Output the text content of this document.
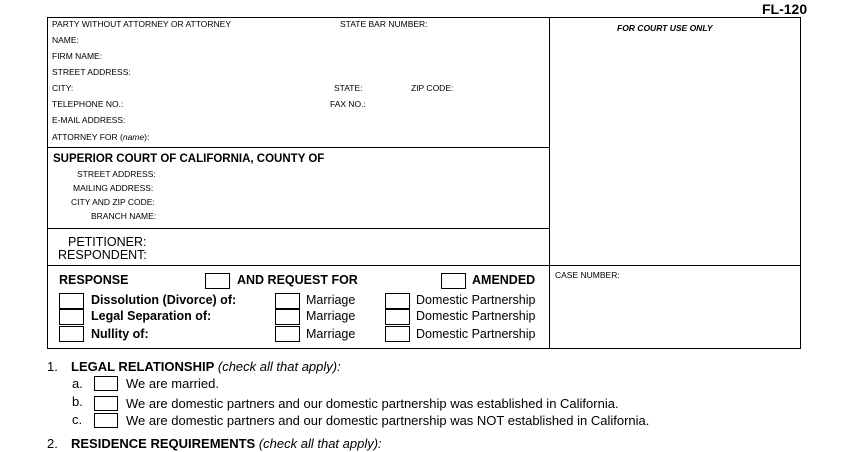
FL-120
PARTY WITHOUT ATTORNEY OR ATTORNEY	STATE BAR NUMBER:	FOR COURT USE ONLY
NAME:
FIRM NAME:
STREET ADDRESS:
CITY:	STATE:	ZIP CODE:
TELEPHONE NO.:	FAX NO.:
E-MAIL ADDRESS:
ATTORNEY FOR (name):
SUPERIOR COURT OF CALIFORNIA, COUNTY OF
STREET ADDRESS:
MAILING ADDRESS:
CITY AND ZIP CODE:
BRANCH NAME:
PETITIONER:
RESPONDENT:
RESPONSE	AND REQUEST FOR	AMENDED CASE NUMBER:
Dissolution (Divorce) of:	Marriage	Domestic Partnership
Legal Separation of:	Marriage	Domestic Partnership
Nullity of:	Marriage	Domestic Partnership
1. LEGAL RELATIONSHIP (check all that apply):
a.	We are married.
b.	We are domestic partners and our domestic partnership was established in California.
c.	We are domestic partners and our domestic partnership was NOT established in California.
2. RESIDENCE REQUIREMENTS (check all that apply):
